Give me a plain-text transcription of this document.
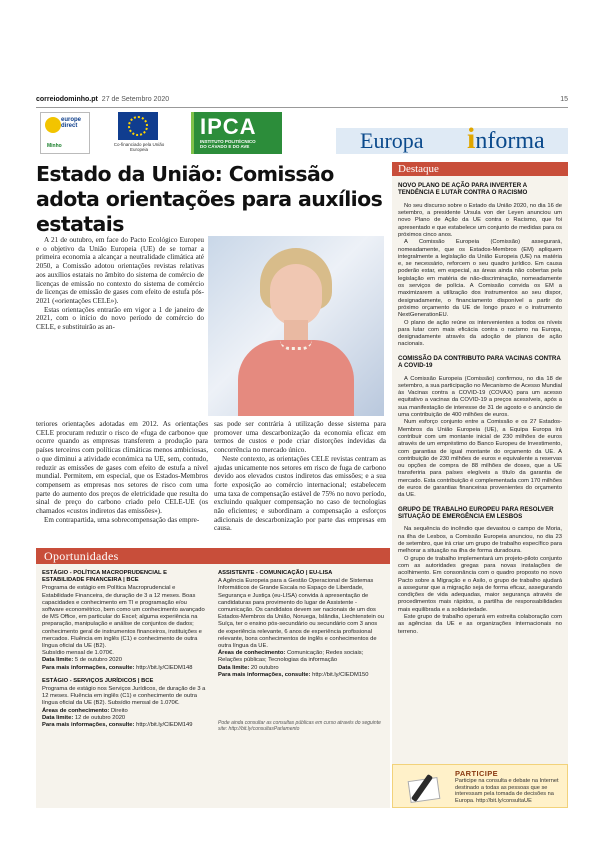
correiodominho.pt 27 de Setembro 2020	15
europe
direct
Minho	Co-financiado pela União Europeia
IPCA
INSTITUTO POLITÉCNICO
DO CÁVADO E DO AVE	Europa informa
Estado da União: Comissão adota orientações para auxílios estatais

A 21 de outubro, em face do Pacto Ecológico Europeu e o objetivo da União Europeia (UE) de se tornar a primeira economia a alcançar a neutralidade climática até 2050, a Comissão adotou orientações revistas relativas aos auxílios estatais no âmbito do sistema de comércio de licenças de emissão no contexto do sistema de comércio de licenças de emissão de gases com efeito de estufa pós-2021 («orientações CELE»).

Estas orientações entrarão em vigor a 1 de janeiro de 2021, com o início do novo período de comércio do CELE, e substituirão as an-

teriores orientações adotadas em 2012. As orientações CELE procuram reduzir o risco de «fuga de carbono» que ocorre quando as empresas transferem a produção para países terceiros com políticas climáticas menos ambiciosas, o que diminui a atividade económica na UE, sem, contudo, reduzir as emissões de gases com efeito de estufa a nível mundial. Permitem, em especial, que os Estados-Membros compensem as empresas nos setores de risco com uma parte do aumento dos preços de eletricidade que resulta do sinal de preço do carbono criado pelo CELE-UE (os chamados «custos indiretos das emissões»).

Em contrapartida, uma sobrecompensação das empre-

sas pode ser contrária à utilização desse sistema para promover uma descarbonização da economia eficaz em termos de custos e pode criar distorções indevidas da concorrência no mercado único.

Neste contexto, as orientações CELE revistas centram as ajudas unicamente nos setores em risco de fuga de carbono devido aos elevados custos indiretos das emissões; e a sua forte exposição ao comércio internacional; estabelecem uma taxa de compensação estável de 75% no novo período, excluindo qualquer compensação no caso de tecnologias não eficientes; e subordinam a compensação a esforços adicionais de descarbonização por parte das empresas em causa.

Destaque
NOVO PLANO DE AÇÃO PARA INVERTER A TENDÊNCIA E LUTAR CONTRA O RACISMO

No seu discurso sobre o Estado da União 2020, no dia 16 de setembro, a presidente Ursula von der Leyen anunciou um novo Plano de Ação da UE contra o Racismo, que foi apresentado e que estabelece um conjunto de medidas para os próximos cinco anos.

A Comissão Europeia (Comissão) assegurará, nomeadamente, que os Estados-Membros (EM) apliquem integralmente a legislação da União Europeia (UE) na matéria e, se necessário, reforcem o seu quadro jurídico. Em causa poderão estar, em especial, as áreas ainda não cobertas pela legislação em matéria de não-discriminação, nomeadamente os serviços de polícia. A Comissão convida os EM a maximizarem a utilização dos instrumentos ao seu dispor, designadamente, o financiamento disponível a partir do próximo orçamento da UE de longo prazo e o instrumento NextGenerationEU.

O plano de ação reúne os intervenientes a todos os níveis para lutar com mais eficácia contra o racismo na Europa, designadamente através da adoção de planos de ação nacionais.

COMISSÃO DA CONTRIBUTO PARA VACINAS CONTRA A COVID-19

A Comissão Europeia (Comissão) confirmou, no dia 18 de setembro, a sua participação no Mecanismo de Acesso Mundial às Vacinas contra a COVID-19 (COVAX) para um acesso equitativo a vacinas da COVID-19 a preços acessíveis, após a sua manifestação de interesse de 31 de agosto e o anúncio de uma contribuição de 400 milhões de euros.

Num esforço conjunto entre a Comissão e os 27 Estados-Membros da União Europeia (UE), a Equipa Europa irá contribuir com um montante inicial de 230 milhões de euros através de um empréstimo do Banco Europeu de Investimento, com garantias de igual montante do orçamento da UE. A contribuição de 230 milhões de euros e equivalente a reservas ou opções de compra de 88 milhões de doses, que a UE transferiria para países elegíveis a título da garantia de mercado. Esta contribuição é complementada com 170 milhões de euros de garantias financeiras provenientes do orçamento da UE.

GRUPO DE TRABALHO EUROPEU PARA RESOLVER SITUAÇÃO DE EMERGÊNCIA EM LESBOS

Na sequência do incêndio que devastou o campo de Moria, na ilha de Lesbos, a Comissão Europeia anunciou, no dia 23 de setembro, que irá criar um grupo de trabalho específico para melhorar a situação na ilha de forma duradoura.

O grupo de trabalho implementará um projeto-piloto conjunto com as autoridades gregas para novas instalações de acolhimento. Em consonância com o quadro proposto no novo Pacto sobre a Migração e o Asilo, o grupo de trabalho ajudará a assegurar que a migração seja de forma eficaz, assegurando condições de vida adequadas, maior segurança através de procedimentos mais rápidos, a partilha de responsabilidades mais equilibrada e a solidariedade.

Este grupo de trabalho operará em estreita colaboração com as agências da UE e as organizações internacionais no terreno.

PARTICIPE
Participe na consulta e debate na Internet destinado a todas as pessoas que se interessam pela tomada de decisões na Europa. http://bit.ly/consultaUE
Oportunidades
ESTÁGIO - POLÍTICA MACROPRUDENCIAL E ESTABILIDADE FINANCEIRA | BCE
Programa de estágio em Política Macroprudencial e Estabilidade Financeira, de duração de 3 a 12 meses. Boas capacidades e conhecimento em TI e programação e/ou software econométrico, bem como um conhecimento avançado de MS Office, em particular do Excel; alguma experiência na preparação, manipulação e análise de conjuntos de dados; conhecimento geral de instrumentos financeiros, instituições e mercados. Fluência em inglês (C1) e conhecimento de outra língua oficial da UE (B2).
Subsídio mensal de 1.070€.
Data limite: 5 de outubro 2020
Para mais informações, consulte: http://bit.ly/CIEDM148
ESTÁGIO - SERVIÇOS JURÍDICOS | BCE
Programa de estágio nos Serviços Jurídicos, de duração de 3 a 12 meses. Fluência em inglês (C1) e conhecimento de outra língua oficial da UE (B2). Subsídio mensal de 1.070€.
Áreas de conhecimento: Direito
Data limite: 12 de outubro 2020
Para mais informações, consulte: http://bit.ly/CIEDM149
ASSISTENTE - COMUNICAÇÃO | EU-LISA
A Agência Europeia para a Gestão Operacional de Sistemas Informáticos de Grande Escala no Espaço de Liberdade, Segurança e Justiça (eu-LISA) convida à apresentação de candidaturas para provimento do lugar de Assistente - comunicação. Os candidatos devem ser nacionais de um dos Estados-Membros da União, Noruega, Islândia, Liechtenstein ou Suíça, ter o ensino pós-secundário ou secundário com 3 anos de experiência relevante, 6 anos de experiência profissional relevante, bons conhecimentos de inglês e conhecimentos de outra língua da UE.
Áreas de conhecimento: Comunicação; Redes sociais; Relações públicas; Tecnologias da informação
Data limite: 20 outubro
Para mais informações, consulte: http://bit.ly/CIEDM150
Pode ainda consultar as consultas públicas em curso através do seguinte site: http://bit.ly/consultasParlamento
